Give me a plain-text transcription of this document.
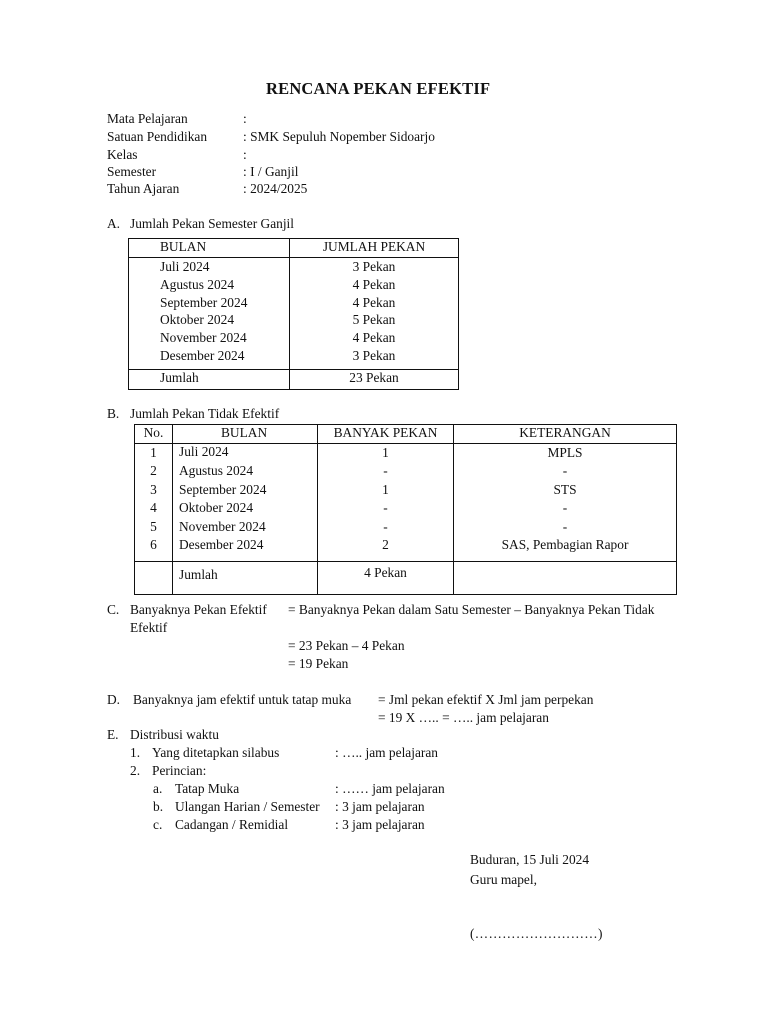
RENCANA PEKAN EFEKTIF
Mata Pelajaran	:
Satuan Pendidikan	: SMK Sepuluh Nopember Sidoarjo
Kelas	:
Semester	: I / Ganjil
Tahun Ajaran	: 2024/2025
A. Jumlah Pekan Semester Ganjil
BULAN	JUMLAH PEKAN
Juli 2024	3 Pekan
Agustus 2024	4 Pekan
September 2024	4 Pekan
Oktober 2024	5 Pekan
November 2024	4 Pekan
Desember 2024	3 Pekan
Jumlah	23 Pekan
B. Jumlah Pekan Tidak Efektif
No.	BULAN	BANYAK PEKAN	KETERANGAN
1	Juli 2024	1	MPLS
2	Agustus 2024	-	-
3	September 2024	1	STS
4	Oktober 2024	-	-
5	November 2024	-	-
6	Desember 2024	2	SAS, Pembagian Rapor
	Jumlah	4 Pekan	
C. Banyaknya Pekan Efektif = Banyaknya Pekan dalam Satu Semester – Banyaknya Pekan Tidak
Efektif
= 23 Pekan – 4 Pekan
= 19 Pekan
D. Banyaknya jam efektif untuk tatap muka = Jml pekan efektif X Jml jam perpekan
= 19 X ….. = ….. jam pelajaran
E. Distribusi waktu
1. Yang ditetapkan silabus	: ….. jam pelajaran
2. Perincian:
a. Tatap Muka	: …… jam pelajaran
b. Ulangan Harian / Semester : 3 jam pelajaran
c. Cadangan / Remidial	: 3 jam pelajaran
Buduran, 15 Juli 2024
Guru mapel,
(………………………)
